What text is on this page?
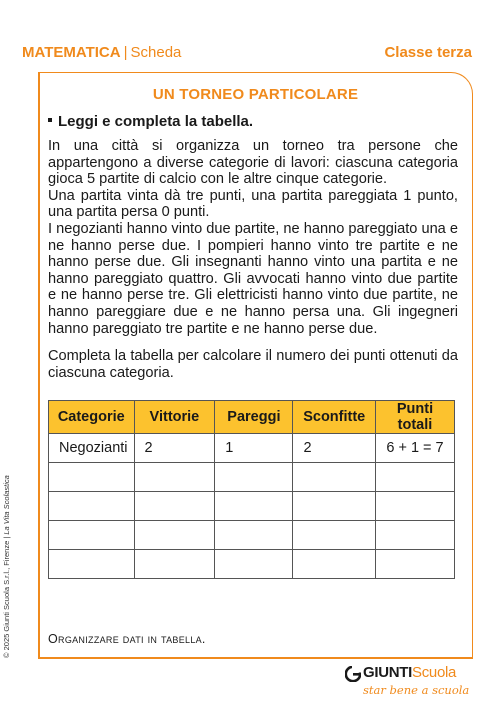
MATEMATICA | Scheda	Classe terza
UN TORNEO PARTICOLARE
Leggi e completa la tabella.

In una città si organizza un torneo tra persone che appartengono a diverse categorie di lavori: ciascuna categoria gioca 5 partite di calcio con le altre cinque categorie.

Una partita vinta dà tre punti, una partita pareggiata 1 punto, una partita persa 0 punti.

I negozianti hanno vinto due partite, ne hanno pareggiato una e ne hanno perse due. I pompieri hanno vinto tre partite e ne hanno perse due. Gli insegnanti hanno vinto una partita e ne hanno pareggiato quattro. Gli avvocati hanno vinto due partite e ne hanno perse tre. Gli elettricisti hanno vinto due partite, ne hanno pareggiare due e ne hanno persa una. Gli ingegneri hanno pareggiato tre partite e ne hanno perse due.

Completa la tabella per calcolare il numero dei punti ottenuti da ciascuna categoria.

Categorie	Vittorie	Pareggi	Sconfitte	Punti totali
Negozianti	2	1	2	6 + 1 = 7

Organizzare dati in tabella.
© 2025 Giunti Scuola S.r.l., Firenze | La Vita Scolastica
GIUNTIScuola
star bene a scuola
